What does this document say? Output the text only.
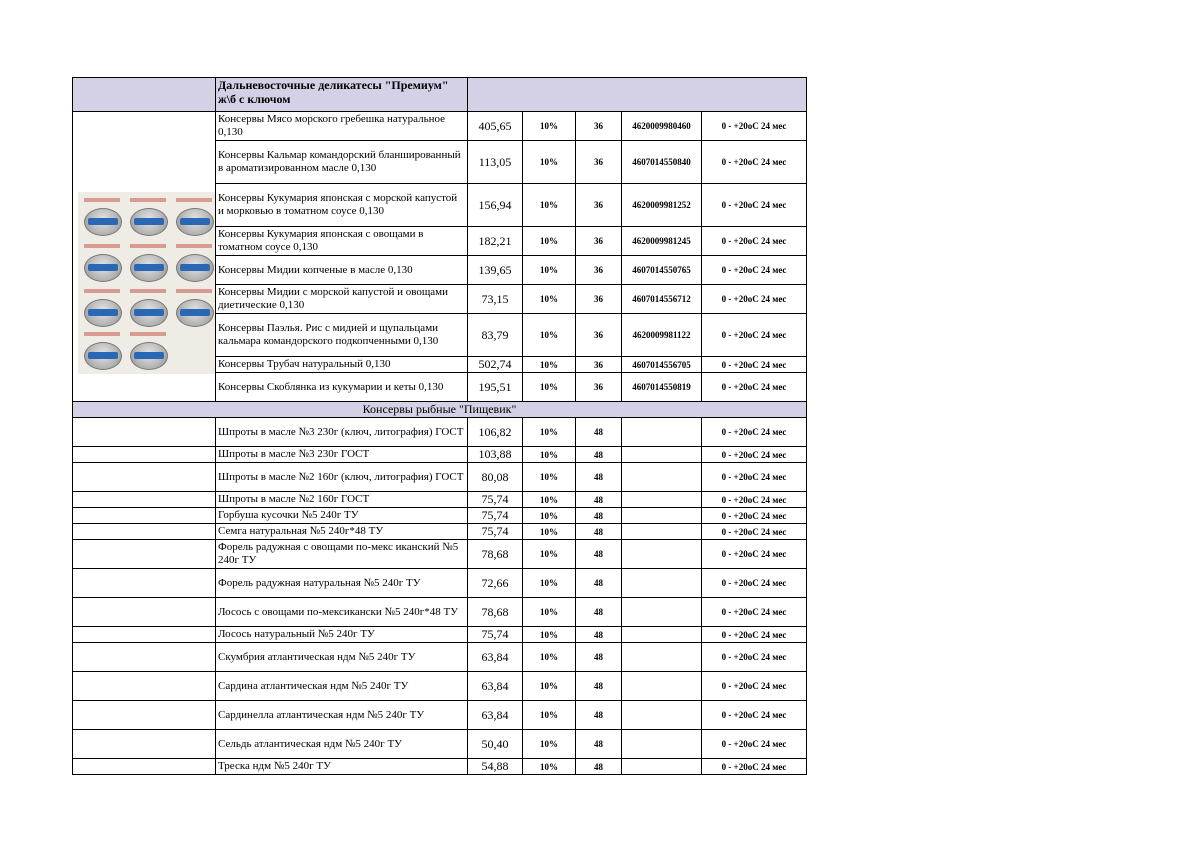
	Дальневосточные деликатесы "Премиум"
ж\б с ключом					

	Консервы Мясо морского гребешка натуральное 0,130	405,65	10%	36	4620009980460	0 - +20oC 24 мес
	Консервы Кальмар командорский бланшированный в ароматизированном масле 0,130	113,05	10%	36	4607014550840	0 - +20oC 24 мес
	Консервы Кукумария японская с морской капустой и морковью в томатном соусе 0,130	156,94	10%	36	4620009981252	0 - +20oC 24 мес
	Консервы Кукумария японская с овощами в томатном соусе 0,130	182,21	10%	36	4620009981245	0 - +20oC 24 мес
	Консервы Мидии копченые в масле 0,130	139,65	10%	36	4607014550765	0 - +20oC 24 мес
	Консервы Мидии с морской капустой и овощами диетические 0,130	73,15	10%	36	4607014556712	0 - +20oC 24 мес
	Консервы Паэлья. Рис с мидией и щупальцами кальмара командорского подкопченными 0,130	83,79	10%	36	4620009981122	0 - +20oC 24 мес
	Консервы Трубач натуральный 0,130	502,74	10%	36	4607014556705	0 - +20oC 24 мес
	Консервы Скоблянка из кукумарии и кеты 0,130	195,51	10%	36	4607014550819	0 - +20oC 24 мес
Консервы рыбные "Пищевик"						
	Шпроты в масле №3 230г (ключ, литография) ГОСТ	106,82	10%	48		0 - +20oC 24 мес
	Шпроты в масле №3 230г ГОСТ	103,88	10%	48		0 - +20oC 24 мес
	Шпроты в масле №2 160г (ключ, литография) ГОСТ	80,08	10%	48		0 - +20oC 24 мес
	Шпроты в масле №2 160г ГОСТ	75,74	10%	48		0 - +20oC 24 мес
	Горбуша кусочки №5 240г ТУ	75,74	10%	48		0 - +20oC 24 мес
	Семга натуральная №5 240г*48 ТУ	75,74	10%	48		0 - +20oC 24 мес
	Форель радужная с овощами по-мекс иканский №5 240г ТУ	78,68	10%	48		0 - +20oC 24 мес
	Форель радужная натуральная №5 240г ТУ	72,66	10%	48		0 - +20oC 24 мес
	Лосось с овощами по-мексикански №5 240г*48 ТУ	78,68	10%	48		0 - +20oC 24 мес
	Лосось натуральный №5 240г ТУ	75,74	10%	48		0 - +20oC 24 мес
	Скумбрия атлантическая ндм №5 240г ТУ	63,84	10%	48		0 - +20oC 24 мес
	Сардина атлантическая ндм №5 240г ТУ	63,84	10%	48		0 - +20oC 24 мес
	Сардинелла атлантическая ндм №5 240г ТУ	63,84	10%	48		0 - +20oC 24 мес
	Сельдь атлантическая ндм №5 240г ТУ	50,40	10%	48		0 - +20oC 24 мес
	Треска ндм №5 240г ТУ	54,88	10%	48		0 - +20oC 24 мес
